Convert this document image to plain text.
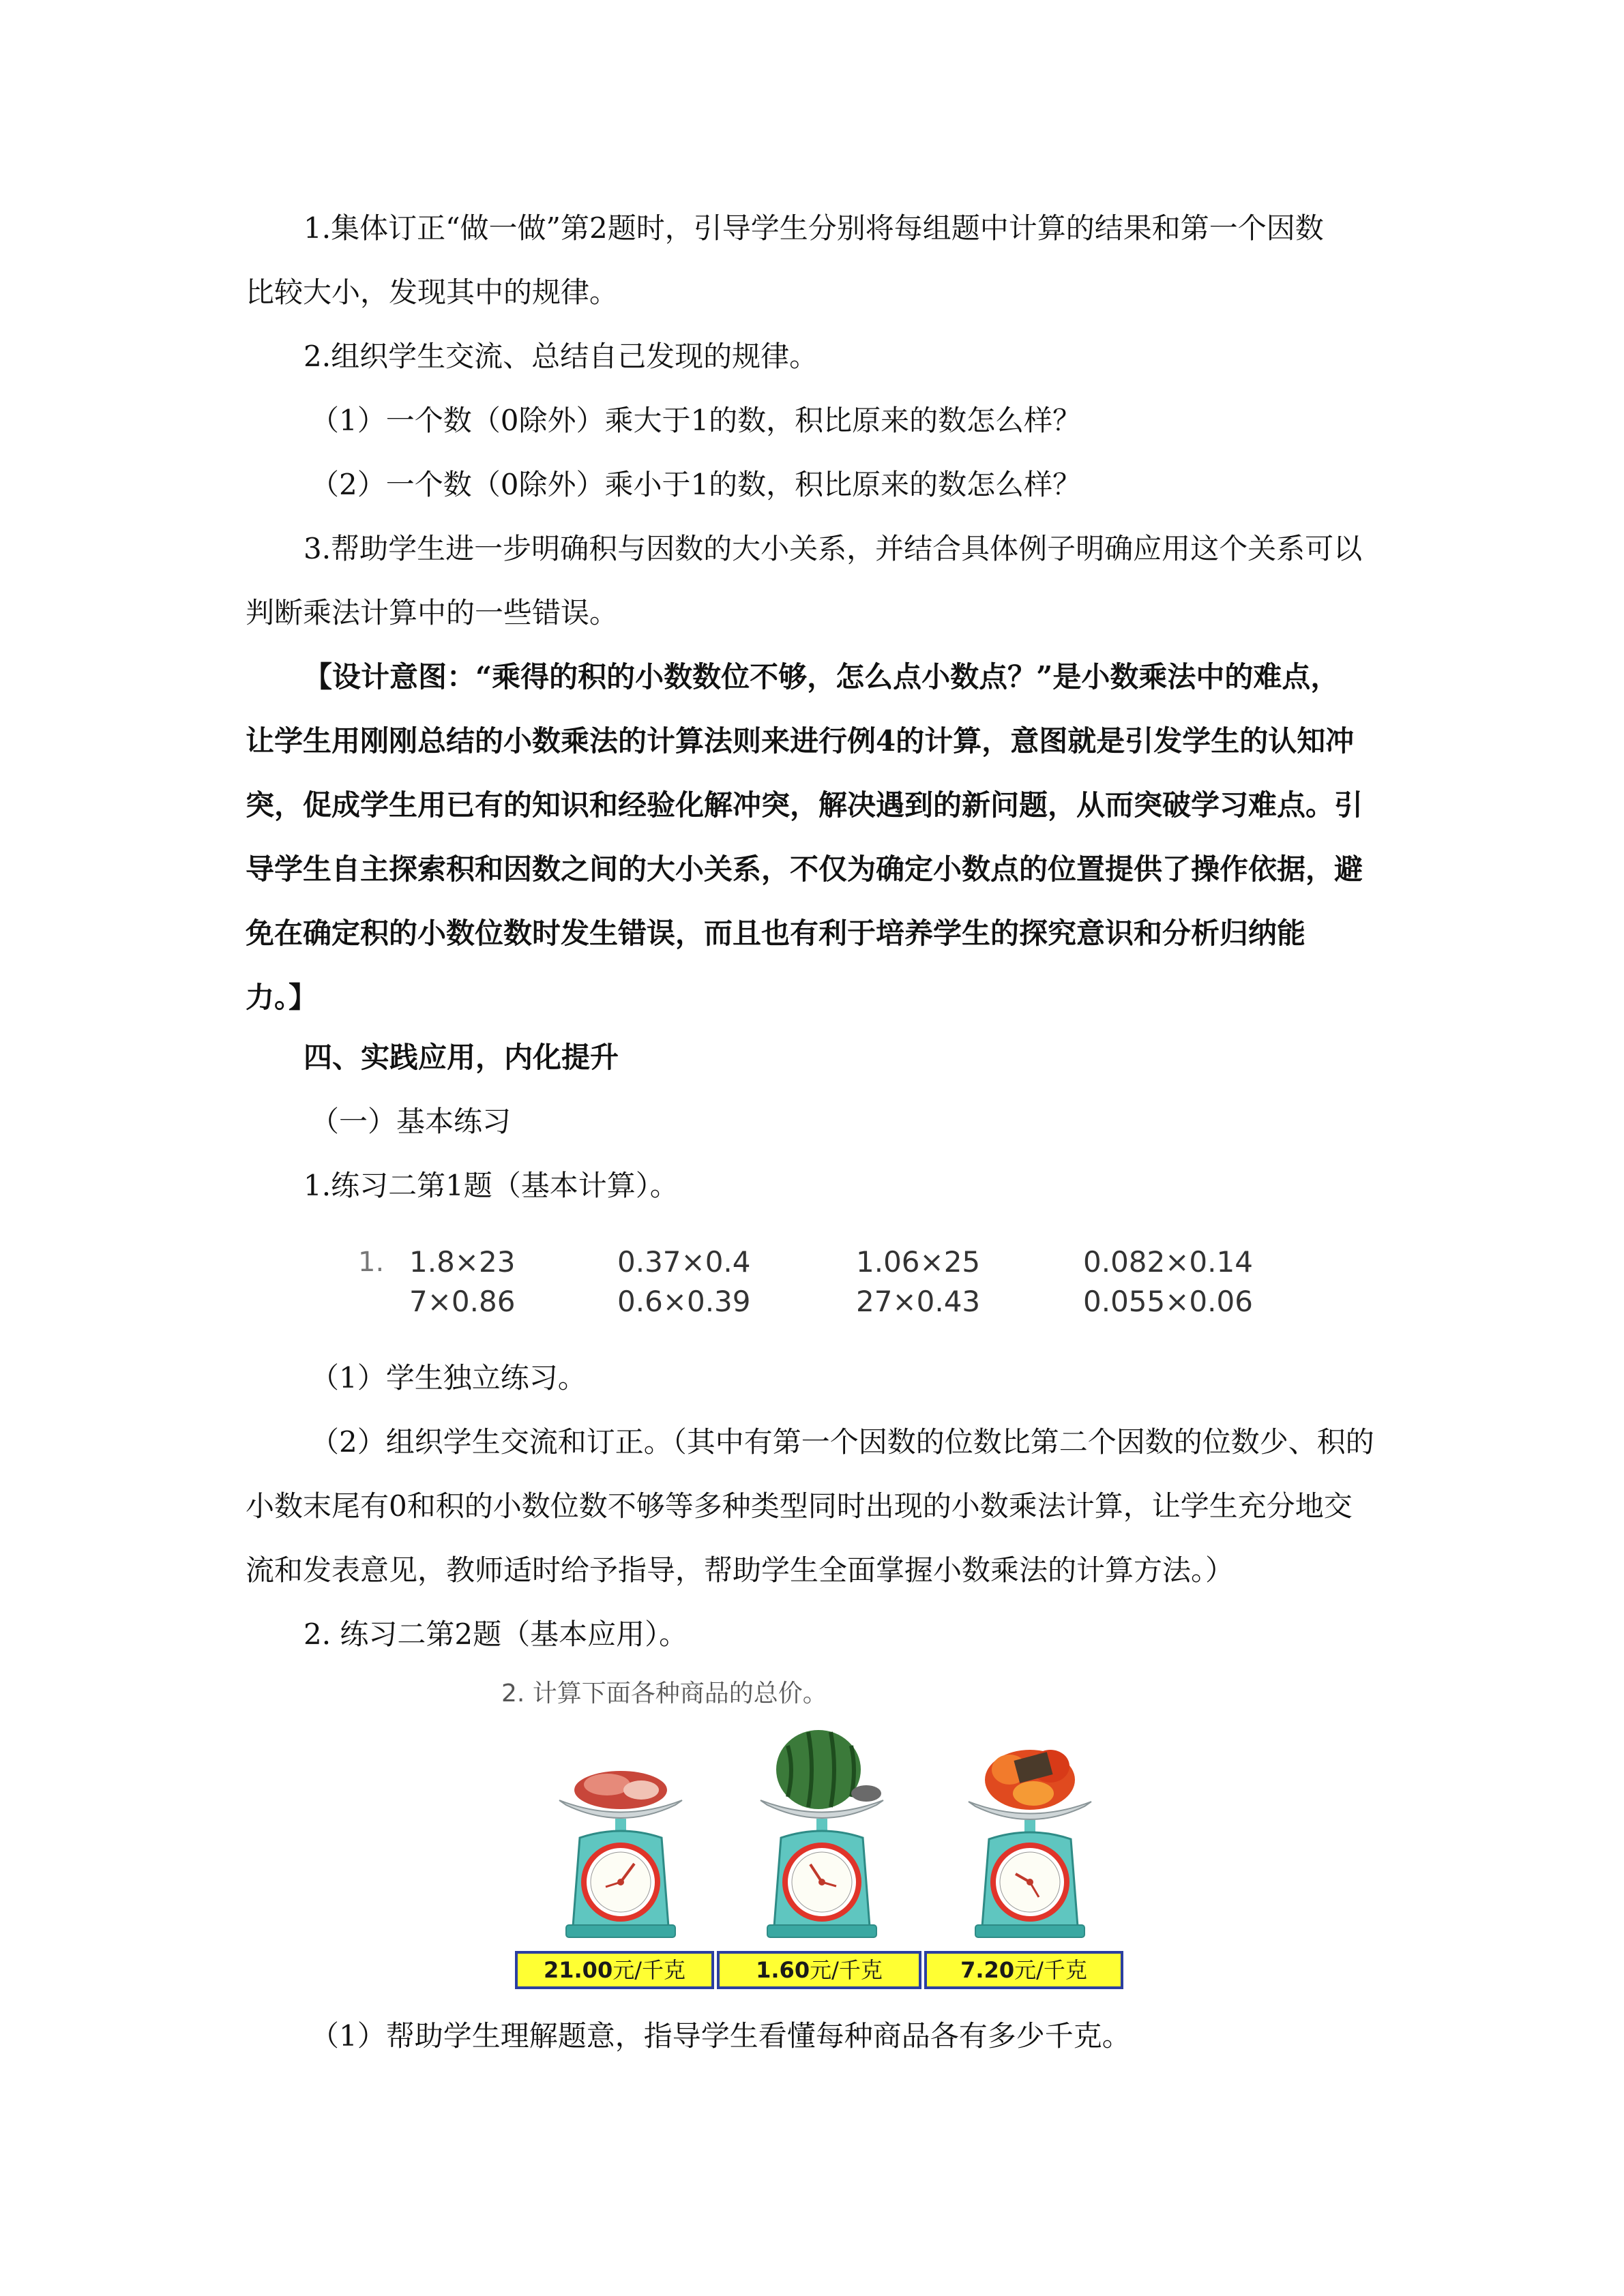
1.集体订正“做一做”第2题时，引导学生分别将每组题中计算的结果和第一个因数
比较大小，发现其中的规律。
2.组织学生交流、总结自己发现的规律。
（1）一个数（0除外）乘大于1的数，积比原来的数怎么样？
（2）一个数（0除外）乘小于1的数，积比原来的数怎么样？
3.帮助学生进一步明确积与因数的大小关系，并结合具体例子明确应用这个关系可以
判断乘法计算中的一些错误。
【设计意图：“乘得的积的小数数位不够，怎么点小数点？”是小数乘法中的难点，
让学生用刚刚总结的小数乘法的计算法则来进行例4的计算，意图就是引发学生的认知冲
突，促成学生用已有的知识和经验化解冲突，解决遇到的新问题，从而突破学习难点。引
导学生自主探索积和因数之间的大小关系，不仅为确定小数点的位置提供了操作依据，避
免在确定积的小数位数时发生错误，而且也有利于培养学生的探究意识和分析归纳能
力。】
四、实践应用，内化提升
（一）基本练习
1.练习二第1题（基本计算）。
1. 1.8×23	0.37×0.4	1.06×25	0.082×0.14
7×0.86	0.6×0.39	27×0.43	0.055×0.06
（1）学生独立练习。
（2）组织学生交流和订正。（其中有第一个因数的位数比第二个因数的位数少、积的
小数末尾有0和积的小数位数不够等多种类型同时出现的小数乘法计算，让学生充分地交
流和发表意见，教师适时给予指导，帮助学生全面掌握小数乘法的计算方法。）
2. 练习二第2题（基本应用）。
2. 计算下面各种商品的总价。
21.00元/千克	1.60元/千克	7.20元/千克
（1）帮助学生理解题意，指导学生看懂每种商品各有多少千克。
